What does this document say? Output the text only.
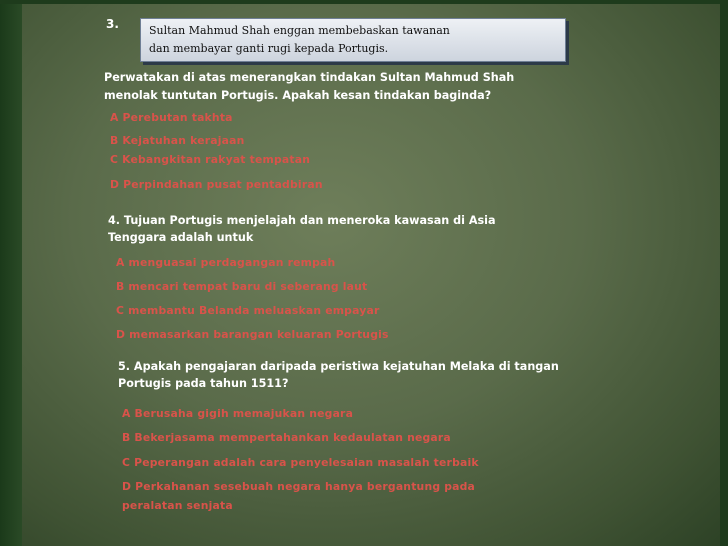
3.	Sultan Mahmud Shah enggan membebaskan tawanan
dan membayar ganti rugi kepada Portugis.
Perwatakan di atas menerangkan tindakan Sultan Mahmud Shah
menolak tuntutan Portugis. Apakah kesan tindakan baginda?
A Perebutan takhta
B Kejatuhan kerajaan
C Kebangkitan rakyat tempatan
D Perpindahan pusat pentadbiran
4. Tujuan Portugis menjelajah dan meneroka kawasan di Asia
Tenggara adalah untuk
A menguasai perdagangan rempah
B mencari tempat baru di seberang laut
C membantu Belanda meluaskan empayar
D memasarkan barangan keluaran Portugis
5. Apakah pengajaran daripada peristiwa kejatuhan Melaka di tangan
Portugis pada tahun 1511?
A Berusaha gigih memajukan negara
B Bekerjasama mempertahankan kedaulatan negara
C Peperangan adalah cara penyelesaian masalah terbaik
D Perkahanan sesebuah negara hanya bergantung pada
peralatan senjata
